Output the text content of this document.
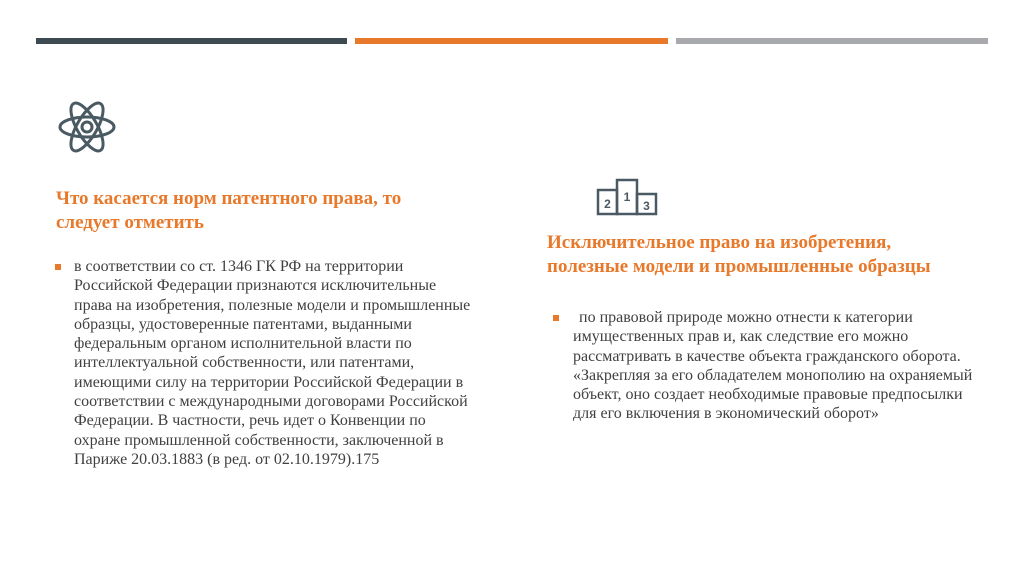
Что касается норм патентного права, то следует отметить
в соответствии со ст. 1346 ГК РФ на территории Российской Федерации признаются исключительные права на изобретения, полезные модели и промышленные образцы, удостоверенные патентами, выданными федеральным органом исполнительной власти по интеллектуальной собственности, или патентами, имеющими силу на территории Российской Федерации в соответствии с международными договорами Российской Федерации. В частности, речь идет о Конвенции по охране промышленной собственности, заключенной в Париже 20.03.1883 (в ред. от 02.10.1979).175
2 1
3
Исключительное право на изобретения, полезные модели и промышленные образцы
по правовой природе можно отнести к категории имущественных прав и, как следствие его можно рассматривать в качестве объекта гражданского оборота. «Закрепляя за его обладателем монополию на охраняемый объект, оно создает необходимые правовые предпосылки для его включения в экономический оборот»
